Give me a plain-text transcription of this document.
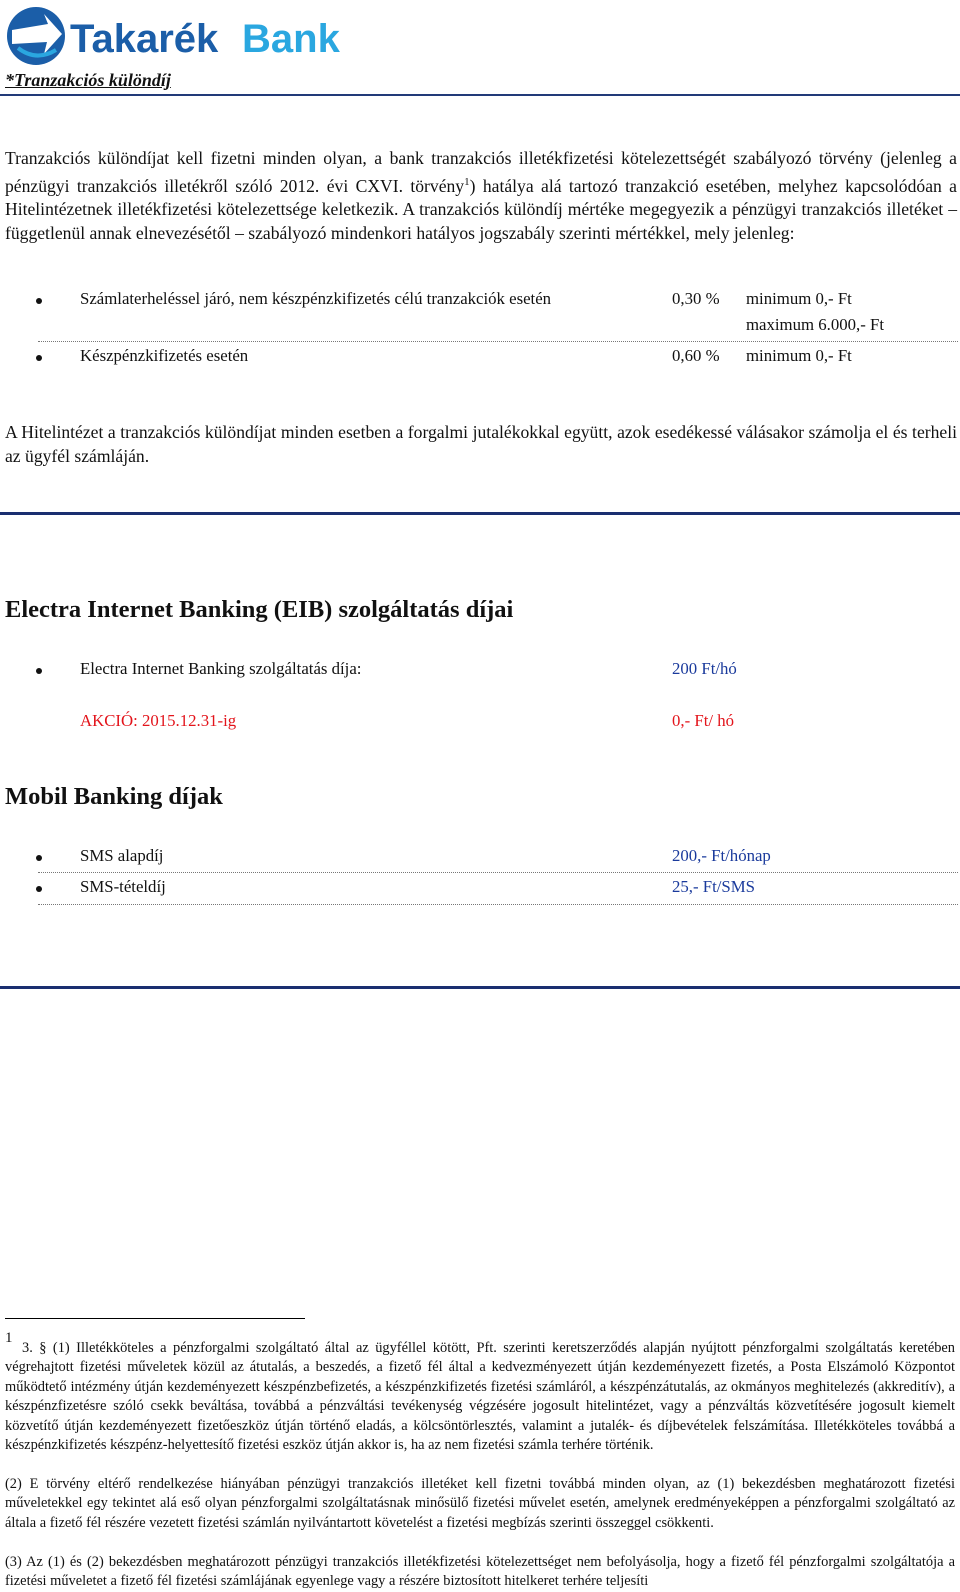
Takarék Bank
*Tranzakciós különdíj
Tranzakciós különdíjat kell fizetni minden olyan, a bank tranzakciós illetékfizetési kötelezettségét szabályozó törvény (jelenleg a pénzügyi tranzakciós illetékről szóló 2012. évi CXVI. törvény$^1$) hatálya alá tartozó tranzakció esetében, melyhez kapcsolódóan a Hitelintézetnek illetékfizetési kötelezettsége keletkezik. A tranzakciós különdíj mértéke megegyezik a pénzügyi tranzakciós illetéket – függetlenül annak elnevezésétől – szabályozó mindenkori hatályos jogszabály szerinti mértékkel, mely jelenleg:
Számlaterheléssel járó, nem készpénzkifizetés célú tranzakciók esetén	0,30 % minimum 0,- Ft
maximum 6.000,- Ft
Készpénzkifizetés esetén	0,60 % minimum 0,- Ft
A Hitelintézet a tranzakciós különdíjat minden esetben a forgalmi jutalékokkal együtt, azok esedékessé válásakor számolja el és terheli az ügyfél számláján.
Electra Internet Banking (EIB) szolgáltatás díjai
Electra Internet Banking szolgáltatás díja:	200 Ft/hó
AKCIÓ: 2015.12.31-ig	0,- Ft/ hó
Mobil Banking díjak
SMS alapdíj	200,- Ft/hónap
SMS-tételdíj	25,- Ft/SMS
1
3. § (1) Illetékköteles a pénzforgalmi szolgáltató által az ügyféllel kötött, Pft. szerinti keretszerződés alapján nyújtott pénzforgalmi szolgáltatás keretében végrehajtott fizetési műveletek közül az átutalás, a beszedés, a fizető fél által a kedvezményezett útján kezdeményezett fizetés, a Posta Elszámoló Központot működtető intézmény útján kezdeményezett készpénzbefizetés, a készpénzkifizetés fizetési számláról, a készpénzátutalás, az okmányos meghitelezés (akkreditív), a készpénzfizetésre szóló csekk beváltása, továbbá a pénzváltási tevékenység végzésére jogosult hitelintézet, vagy a pénzváltás közvetítésére jogosult kiemelt közvetítő útján kezdeményezett fizetőeszköz útján történő eladás, a kölcsöntörlesztés, valamint a jutalék- és díjbevételek felszámítása. Illetékköteles továbbá a készpénzkifizetés készpénz-helyettesítő fizetési eszköz útján akkor is, ha az nem fizetési számla terhére történik.
(2) E törvény eltérő rendelkezése hiányában pénzügyi tranzakciós illetéket kell fizetni továbbá minden olyan, az (1) bekezdésben meghatározott fizetési műveletekkel egy tekintet alá eső olyan pénzforgalmi szolgáltatásnak minősülő fizetési művelet esetén, amelynek eredményeképpen a pénzforgalmi szolgáltató az általa a fizető fél részére vezetett fizetési számlán nyilvántartott követelést a fizetési megbízás szerinti összeggel csökkenti.
(3) Az (1) és (2) bekezdésben meghatározott pénzügyi tranzakciós illetékfizetési kötelezettséget nem befolyásolja, hogy a fizető fél pénzforgalmi szolgáltatója a fizetési műveletet a fizető fél fizetési számlájának egyenlege vagy a részére biztosított hitelkeret terhére teljesíti
